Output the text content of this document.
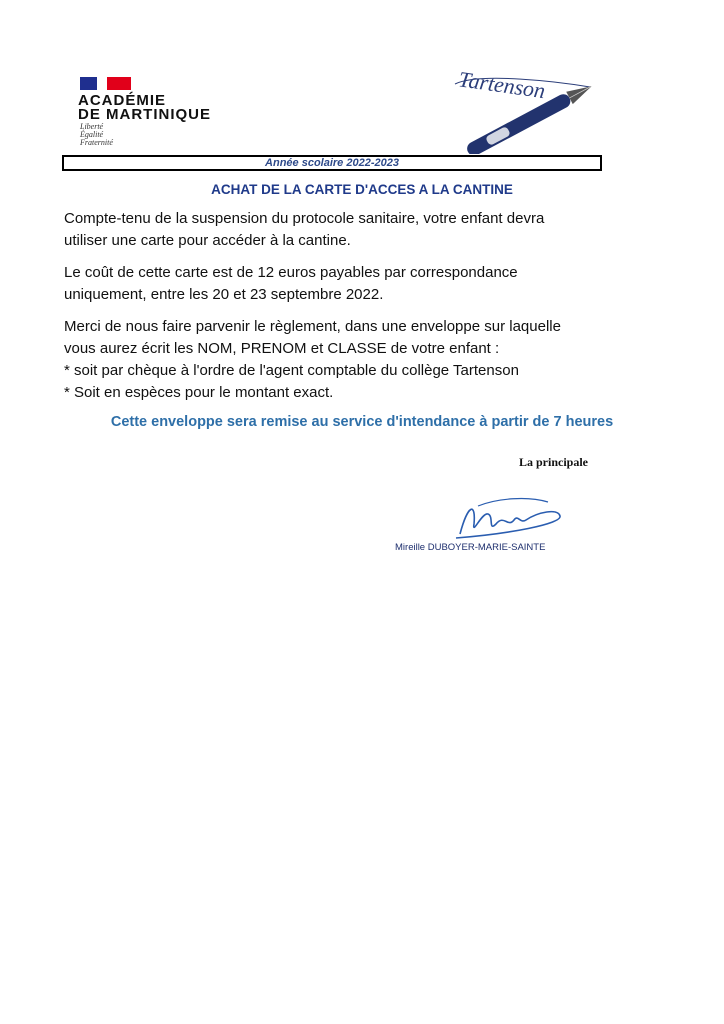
ACADÉMIE
DE MARTINIQUE
Liberté
Égalité
Fraternité
Tartenson
Année scolaire 2022-2023
ACHAT DE LA CARTE D'ACCES A LA CANTINE
Compte-tenu de la suspension du protocole sanitaire, votre enfant devra
utiliser une carte pour accéder à la cantine.
Le coût de cette carte est de 12 euros payables par correspondance
uniquement, entre les 20 et 23 septembre 2022.
Merci de nous faire parvenir le règlement, dans une enveloppe sur laquelle
vous aurez écrit les NOM, PRENOM et CLASSE de votre enfant :
* soit par chèque à l'ordre de l'agent comptable du collège Tartenson
* Soit en espèces pour le montant exact.
Cette enveloppe sera remise au service d'intendance à partir de 7 heures
La principale
Mireille DUBOYER-MARIE-SAINTE
